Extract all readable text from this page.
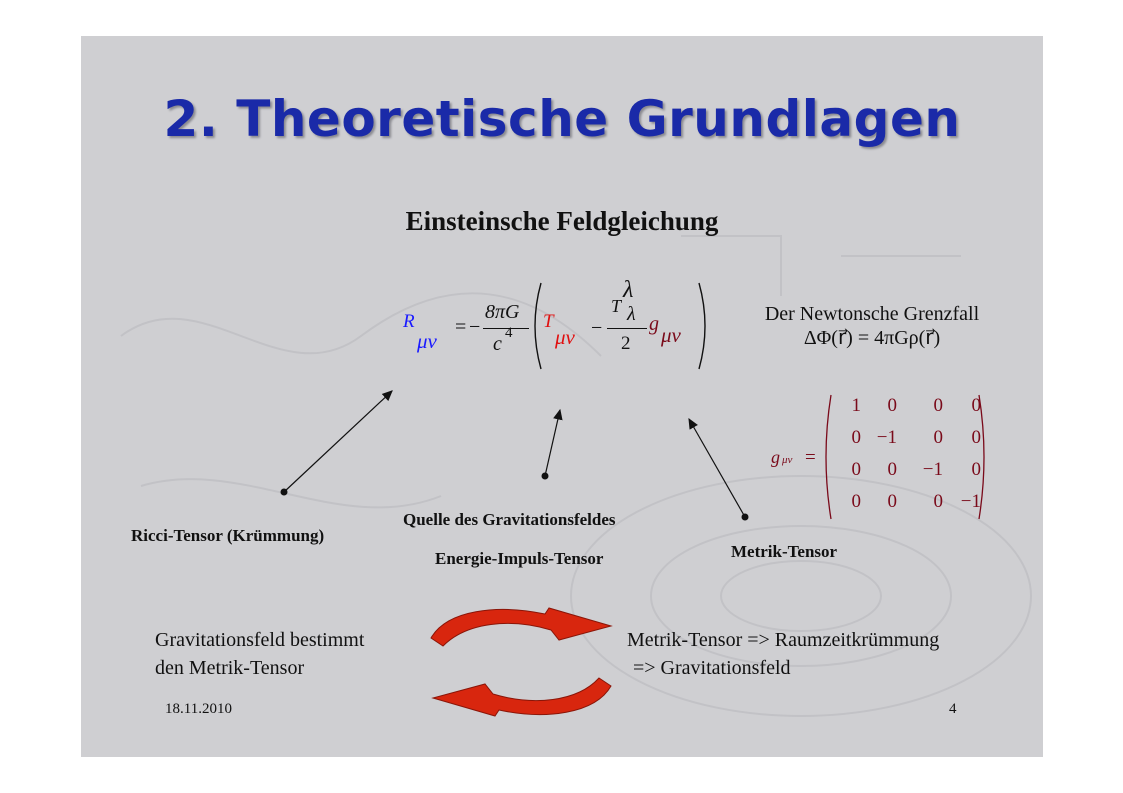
2. Theoretische Grundlagen
Einsteinsche Feldgleichung
R
μν
= −
8πG
c 4
T
μν −
T
λ
λ
2
g μν
Der Newtonsche Grenzfall
ΔΦ(r⃗) = 4πGρ(r⃗)
g μν =
1	0	0	0
0 −1	0	0
0	0 −1	0
0	0	0 −1
Ricci-Tensor (Krümmung)
Quelle des Gravitationsfeldes
Energie-Impuls-Tensor	Metrik-Tensor
Gravitationsfeld bestimmt
den Metrik-Tensor
Metrik-Tensor => Raumzeitkrümmung
=> Gravitationsfeld
18.11.2010	4
